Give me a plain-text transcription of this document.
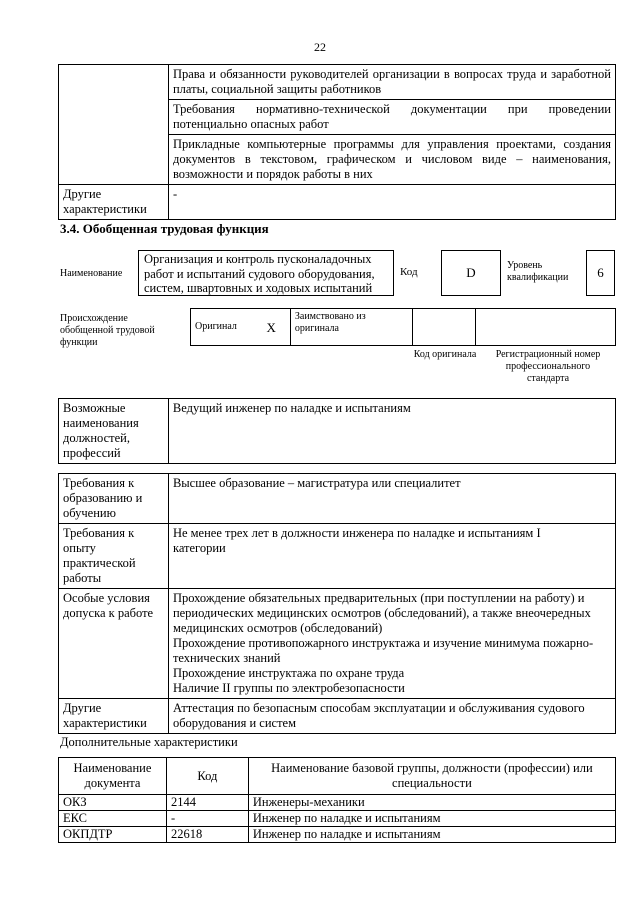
22
	Права и обязанности руководителей организации в вопросах труда и заработной платы, социальной защиты работников
	Требования нормативно-технической документации при проведении потенциально опасных работ
	Прикладные компьютерные программы для управления проектами, создания документов в текстовом, графическом и числовом виде – наименования, возможности и порядок работы в них
Другие характеристики	-
3.4. Обобщенная трудовая функция
Наименование
Организация и контроль пусконаладочных работ и испытаний судового оборудования, систем, швартовных и ходовых испытаний
Код	D	Уровень квалификации	6
Происхождение обобщенной трудовой функции
Оригинал	X	Заимствовано из оригинала		
Код оригинала	Регистрационный номер профессионального стандарта
Возможные наименования должностей, профессий	Ведущий инженер по наладке и испытаниям
Требования к образованию и обучению	Высшее образование – магистратура или специалитет
Требования к опыту практической работы	Не менее трех лет в должности инженера по наладке и испытаниям I категории
Особые условия допуска к работе	Прохождение обязательных предварительных (при поступлении на работу) и периодических медицинских осмотров (обследований), а также внеочередных медицинских осмотров (обследований)
Прохождение противопожарного инструктажа и изучение минимума пожарно-технических знаний
Прохождение инструктажа по охране труда
Наличие II группы по электробезопасности

Другие характеристики	Аттестация по безопасным способам эксплуатации и обслуживания судового оборудования и систем
Дополнительные характеристики
Наименование документа	Код	Наименование базовой группы, должности (профессии) или специальности
ОКЗ	2144	Инженеры-механики
ЕКС	-	Инженер по наладке и испытаниям
ОКПДТР	22618	Инженер по наладке и испытаниям
